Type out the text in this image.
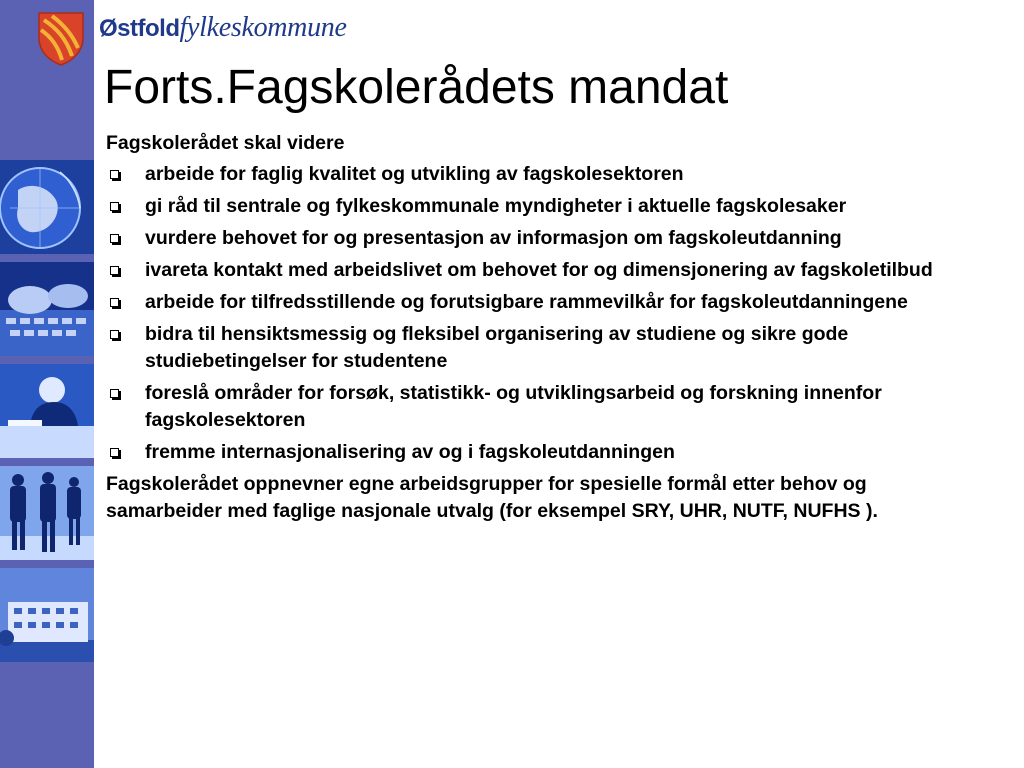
Østfold fylkeskommune
Forts.Fagskolerådets mandat

Fagskolerådet skal videre

arbeide for faglig kvalitet og utvikling av fagskolesektoren
gi råd til sentrale og fylkeskommunale myndigheter i aktuelle fagskolesaker
vurdere behovet for og presentasjon av informasjon om fagskoleutdanning
ivareta kontakt med arbeidslivet om behovet for og dimensjonering av fagskoletilbud
arbeide for tilfredsstillende og forutsigbare rammevilkår for fagskoleutdanningene
bidra til hensiktsmessig og fleksibel organisering av studiene og sikre gode studiebetingelser for studentene
foreslå områder for forsøk, statistikk- og utviklingsarbeid og forskning innenfor fagskolesektoren
fremme internasjonalisering av og i fagskoleutdanningen

Fagskolerådet oppnevner egne arbeidsgrupper for spesielle formål etter behov og samarbeider med faglige nasjonale utvalg (for eksempel SRY, UHR, NUTF, NUFHS ).
